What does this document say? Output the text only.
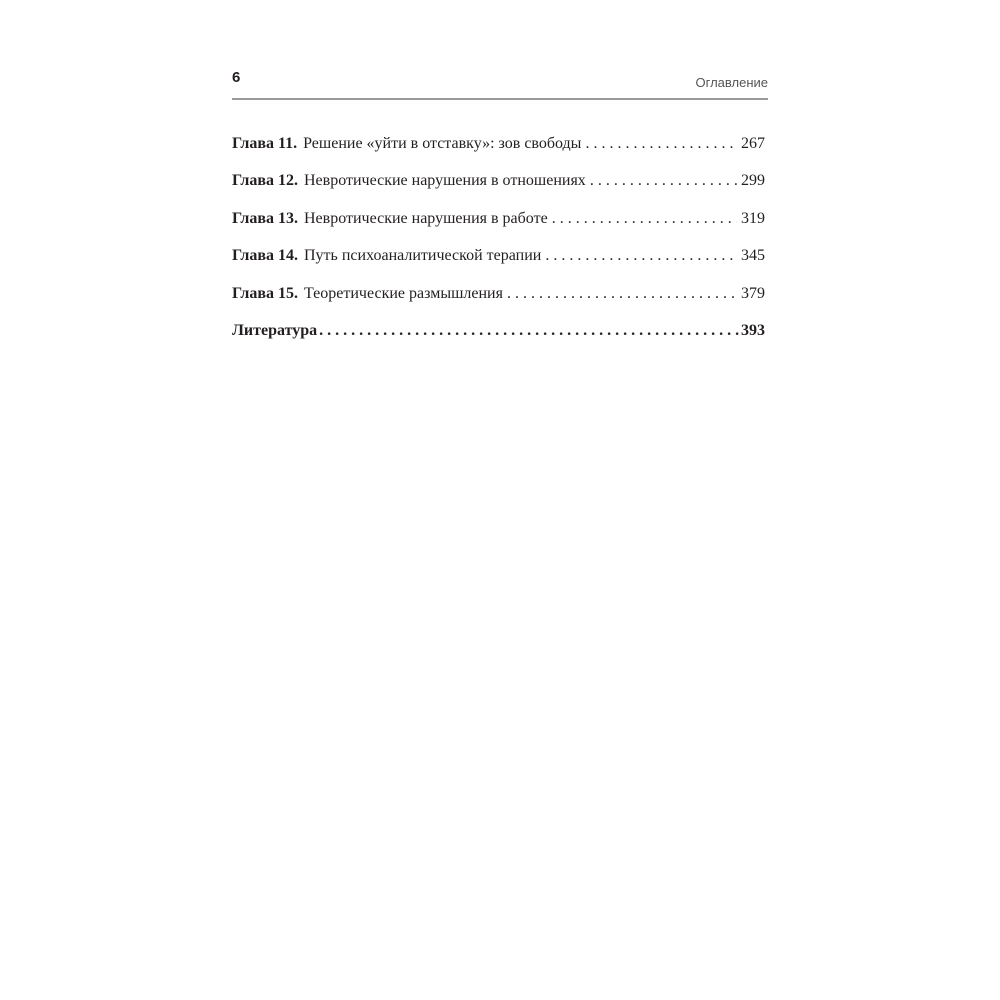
6	Оглавление
Глава 11. Решение «уйти в отставку»: зов свободы . . .	267
Глава 12. Невротические нарушения в отношениях . . .	299
Глава 13. Невротические нарушения в работе . . .	319
Глава 14. Путь психоаналитической терапии . . .	345
Глава 15. Теоретические размышления . . .	379
Литература . . .	393
